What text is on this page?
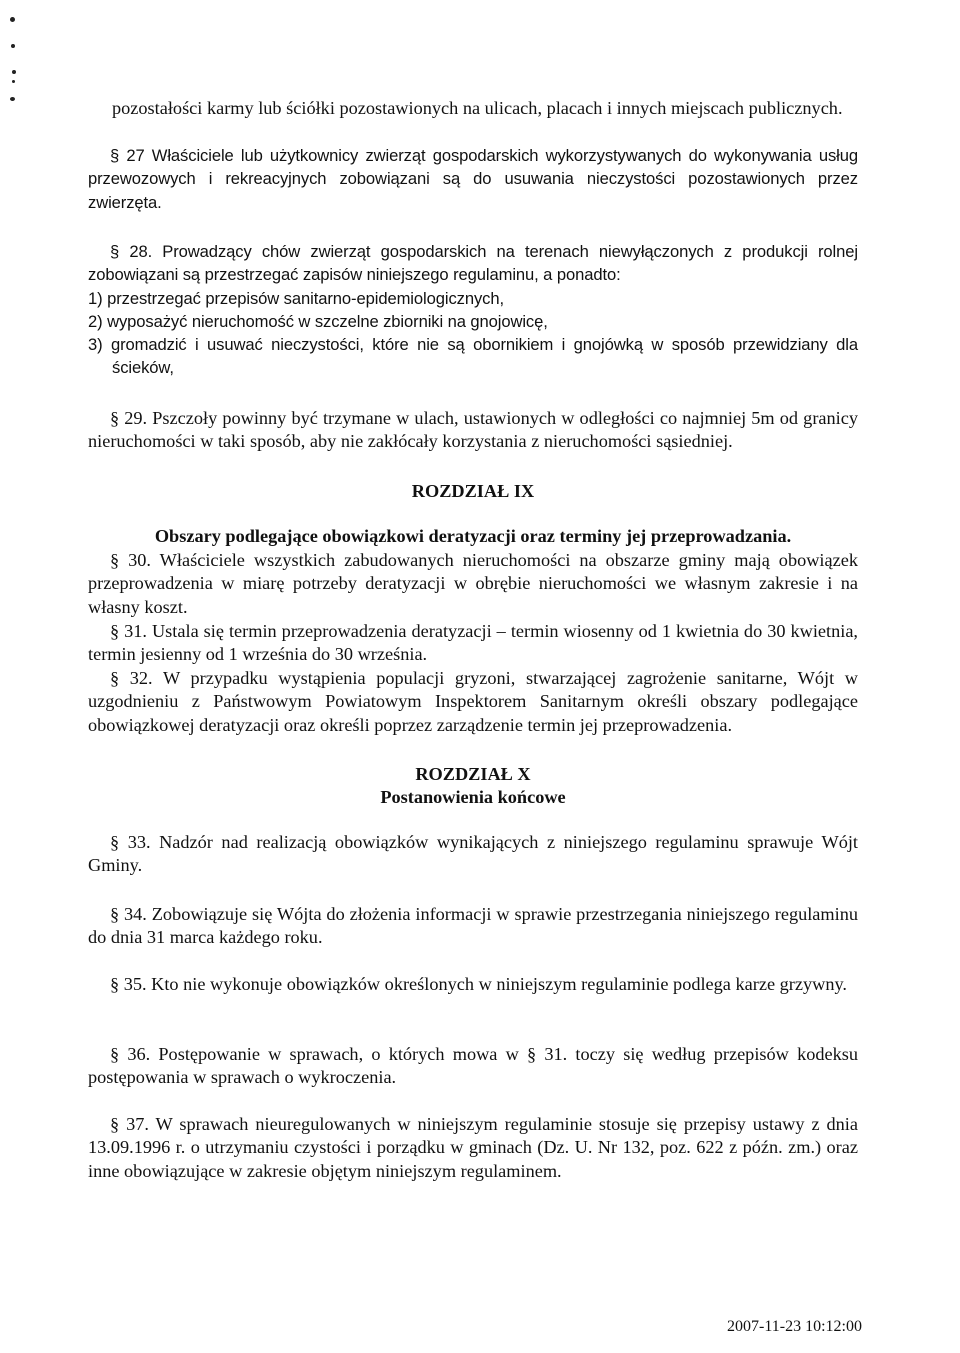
pozostałości karmy lub ściółki pozostawionych na ulicach, placach i innych miejscach publicznych.

§ 27 Właściciele lub użytkownicy zwierząt gospodarskich wykorzystywanych do wykonywania usług przewozowych i rekreacyjnych zobowiązani są do usuwania nieczystości pozostawionych przez zwierzęta.

§ 28. Prowadzący chów zwierząt gospodarskich na terenach niewyłączonych z produkcji rolnej zobowiązani są przestrzegać zapisów niniejszego regulaminu, a ponadto:

1) przestrzegać przepisów sanitarno-epidemiologicznych,
2) wyposażyć nieruchomość w szczelne zbiorniki na gnojowicę,
3) gromadzić i usuwać nieczystości, które nie są obornikiem i gnojówką w sposób przewidziany dla ścieków,

§ 29. Pszczoły powinny być trzymane w ulach, ustawionych w odległości co najmniej 5m od granicy nieruchomości w taki sposób, aby nie zakłócały korzystania z nieruchomości sąsiedniej.

ROZDZIAŁ IX

Obszary podlegające obowiązkowi deratyzacji oraz terminy jej przeprowadzania.

§ 30. Właściciele wszystkich zabudowanych nieruchomości na obszarze gminy mają obowiązek przeprowadzenia w miarę potrzeby deratyzacji w obrębie nieruchomości we własnym zakresie i na własny koszt.

§ 31. Ustala się termin przeprowadzenia deratyzacji – termin wiosenny od 1 kwietnia do 30 kwietnia, termin jesienny od 1 września do 30 września.

§ 32. W przypadku wystąpienia populacji gryzoni, stwarzającej zagrożenie sanitarne, Wójt w uzgodnieniu z Państwowym Powiatowym Inspektorem Sanitarnym określi obszary podlegające obowiązkowej deratyzacji oraz określi poprzez zarządzenie termin jej przeprowadzenia.

ROZDZIAŁ X

Postanowienia końcowe

§ 33. Nadzór nad realizacją obowiązków wynikających z niniejszego regulaminu sprawuje Wójt Gminy.

§ 34. Zobowiązuje się Wójta do złożenia informacji w sprawie przestrzegania niniejszego regulaminu do dnia 31 marca każdego roku.

§ 35. Kto nie wykonuje obowiązków określonych w niniejszym regulaminie podlega karze grzywny.

§ 36. Postępowanie w sprawach, o których mowa w § 31. toczy się według przepisów kodeksu postępowania w sprawach o wykroczenia.

§ 37. W sprawach nieuregulowanych w niniejszym regulaminie stosuje się przepisy ustawy z dnia 13.09.1996 r. o utrzymaniu czystości i porządku w gminach (Dz. U. Nr 132, poz. 622 z późn. zm.) oraz inne obowiązujące w zakresie objętym niniejszym regulaminem.

2007-11-23 10:12:00
